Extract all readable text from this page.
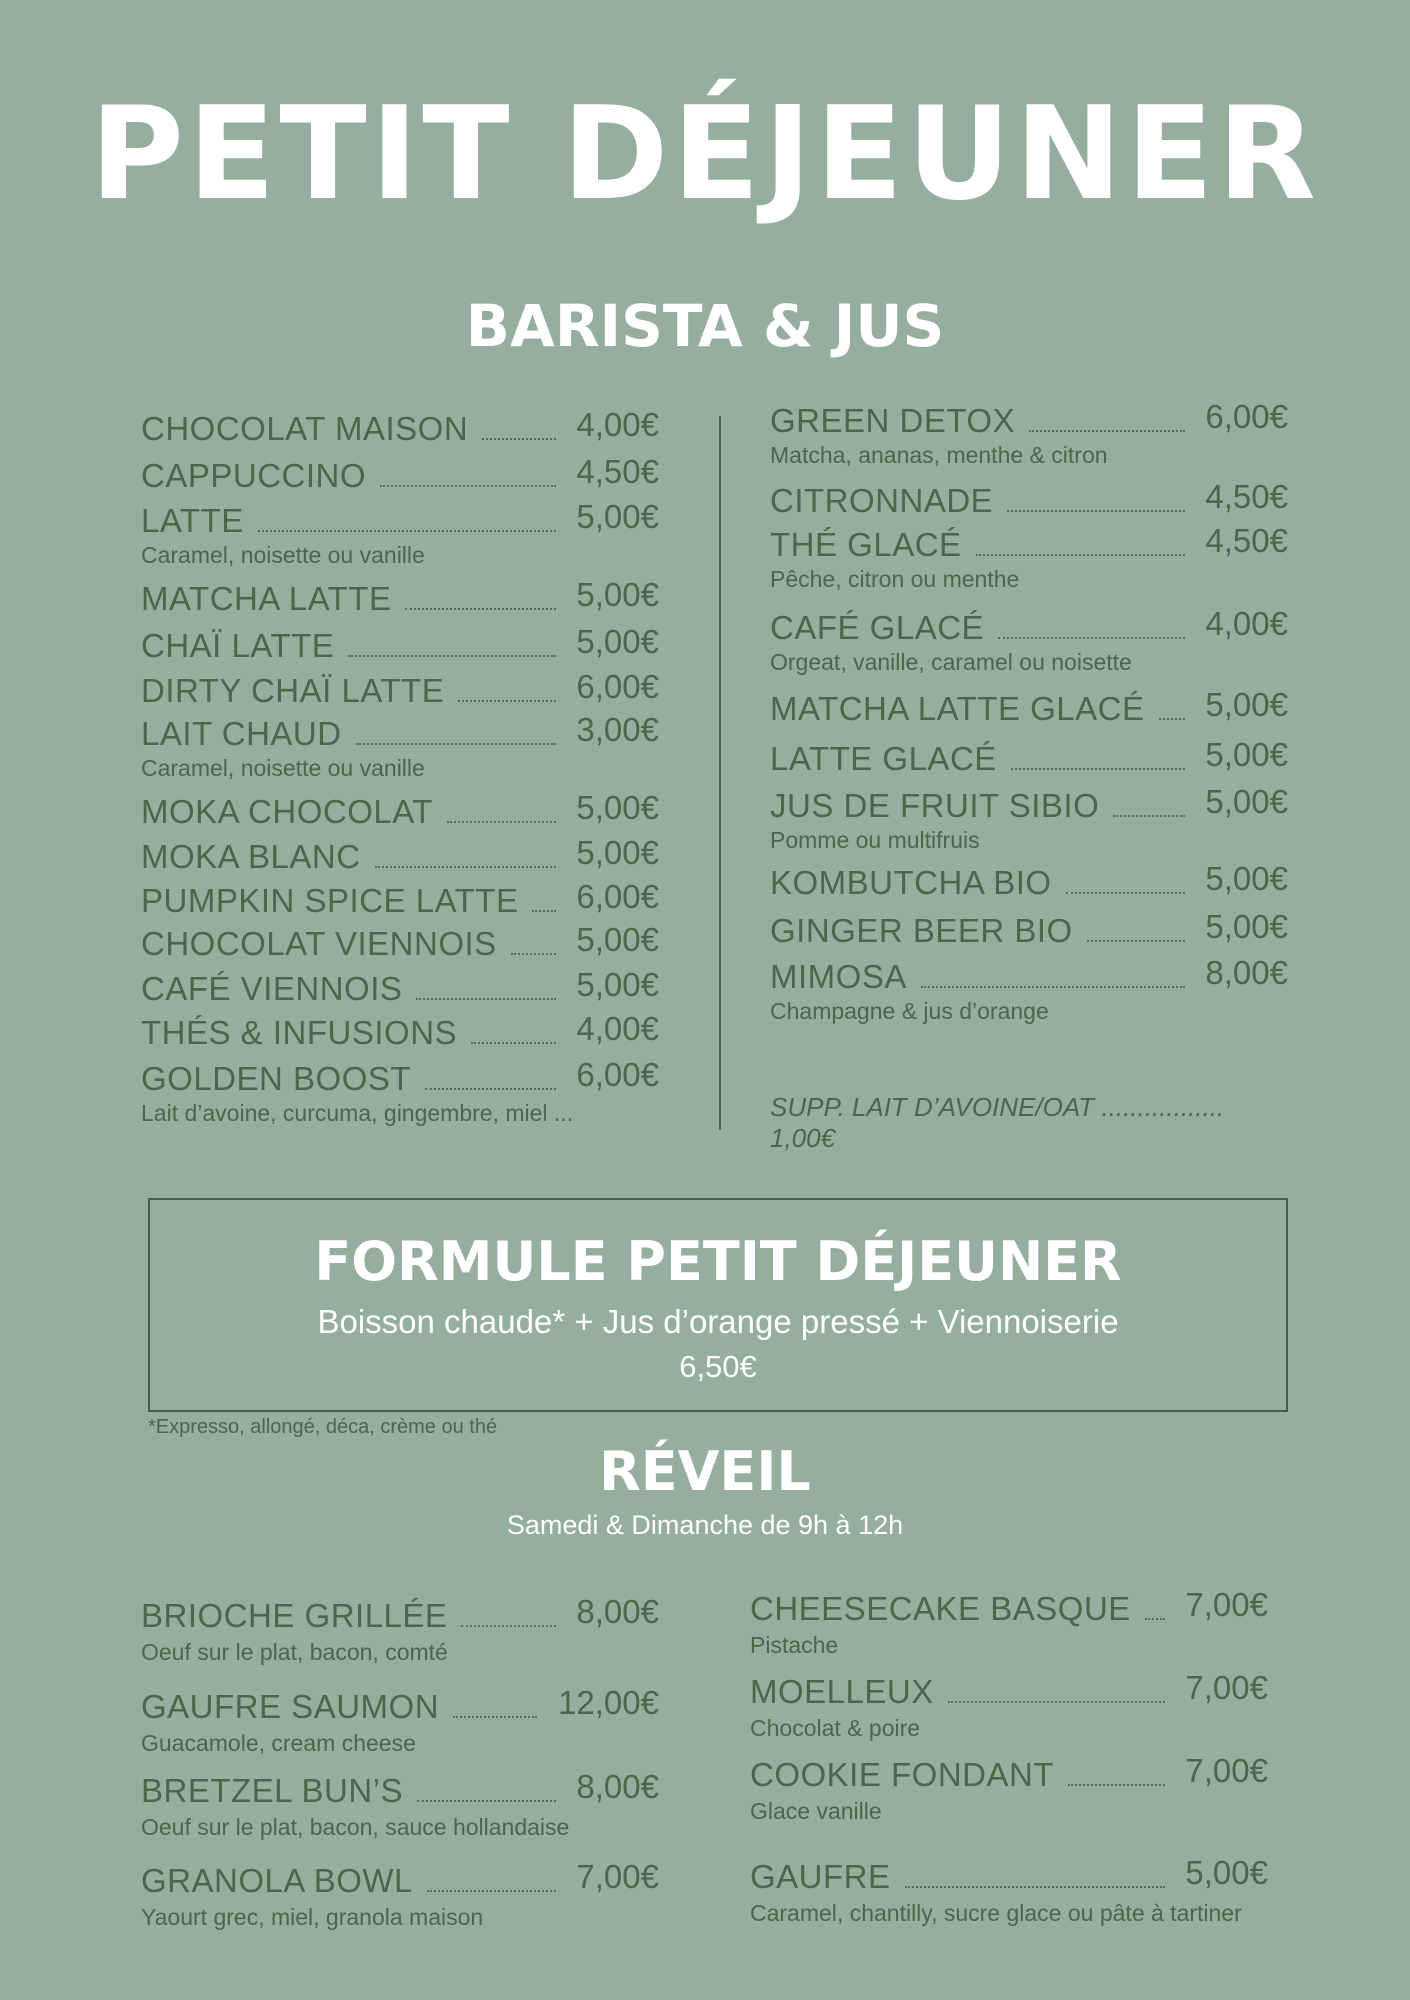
PETIT DÉJEUNER
BARISTA & JUS
CHOCOLAT MAISON	4,00€
CAPPUCCINO	4,50€
LATTE	5,00€
Caramel, noisette ou vanille
MATCHA LATTE	5,00€
CHAÏ LATTE	5,00€
DIRTY CHAÏ LATTE	6,00€
LAIT CHAUD	3,00€
Caramel, noisette ou vanille
MOKA CHOCOLAT	5,00€
MOKA BLANC	5,00€
PUMPKIN SPICE LATTE 6,00€
CHOCOLAT VIENNOIS 5,00€
CAFÉ VIENNOIS	5,00€
THÉS & INFUSIONS	4,00€
GOLDEN BOOST	6,00€
Lait d’avoine, curcuma, gingembre, miel ...
GREEN DETOX	6,00€
Matcha, ananas, menthe & citron
CITRONNADE	4,50€
THÉ GLACÉ	4,50€
Pêche, citron ou menthe
CAFÉ GLACÉ	4,00€
Orgeat, vanille, caramel ou noisette
MATCHA LATTE GLACÉ 5,00€
LATTE GLACÉ	5,00€
JUS DE FRUIT SIBIO	5,00€
Pomme ou multifruis
KOMBUTCHA BIO	5,00€
GINGER BEER BIO	5,00€
MIMOSA	8,00€
Champagne & jus d’orange
SUPP. LAIT D’AVOINE/OAT ................. 1,00€
FORMULE PETIT DÉJEUNER
Boisson chaude* + Jus d’orange pressé + Viennoiserie
6,50€
*Expresso, allongé, déca, crème ou thé
RÉVEIL
Samedi & Dimanche de 9h à 12h
BRIOCHE GRILLÉE	8,00€
Oeuf sur le plat, bacon, comté
GAUFRE SAUMON	12,00€
Guacamole, cream cheese
BRETZEL BUN’S	8,00€
Oeuf sur le plat, bacon, sauce hollandaise
GRANOLA BOWL	7,00€
Yaourt grec, miel, granola maison
CHEESECAKE BASQUE 7,00€
Pistache
MOELLEUX	7,00€
Chocolat & poire
COOKIE FONDANT	7,00€
Glace vanille
GAUFRE	5,00€
Caramel, chantilly, sucre glace ou pâte à tartiner
